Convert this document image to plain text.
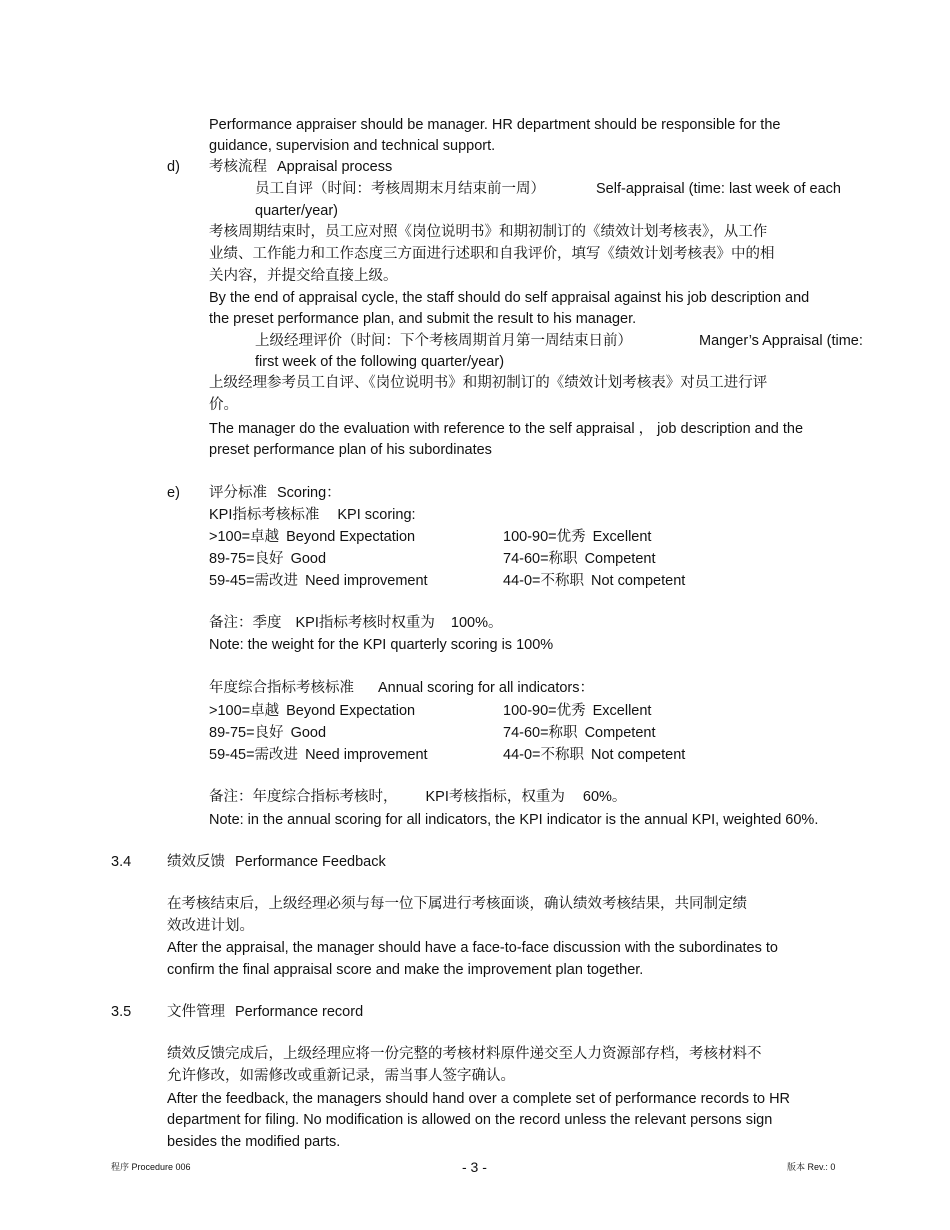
Performance appraiser should be manager. HR department should be responsible for the
guidance, supervision and technical support.
d) 考核流程 Appraisal process
员工自评（时间：考核周期末月结束前一周）	Self-appraisal (time: last week of each
quarter/year)
考核周期结束时，员工应对照《岗位说明书》和期初制订的《绩效计划考核表》，从工作
业绩、工作能力和工作态度三方面进行述职和自我评价，填写《绩效计划考核表》中的相
关内容，并提交给直接上级。
By the end of appraisal cycle, the staff should do self appraisal against his job description and
the preset performance plan, and submit the result to his manager.
上级经理评价（时间：下个考核周期首月第一周结束日前）	Manger’s Appraisal (time:
first week of the following quarter/year)
上级经理参考员工自评、《岗位说明书》和期初制订的《绩效计划考核表》对员工进行评
价。
The manager do the evaluation with reference to the self appraisal ， job description and the
preset performance plan of his subordinates
e) 评分标准 Scoring：
KPI指标考核标准 KPI scoring:
>100=卓越 Beyond Expectation	100-90=优秀 Excellent
89-75=良好 Good	74-60=称职 Competent
59-45=需改进 Need improvement	44-0=不称职 Not competent
备注：季度 KPI指标考核时权重为 100%。
Note: the weight for the KPI quarterly scoring is 100%
年度综合指标考核标准 Annual scoring for all indicators：
>100=卓越 Beyond Expectation	100-90=优秀 Excellent
89-75=良好 Good	74-60=称职 Competent
59-45=需改进 Need improvement	44-0=不称职 Not competent
备注：年度综合指标考核时， KPI考核指标，权重为 60%。
Note: in the annual scoring for all indicators, the KPI indicator is the annual KPI, weighted 60%.
3.4 绩效反馈 Performance Feedback
在考核结束后，上级经理必须与每一位下属进行考核面谈，确认绩效考核结果，共同制定绩
效改进计划。
After the appraisal, the manager should have a face-to-face discussion with the subordinates to
confirm the final appraisal score and make the improvement plan together.
3.5 文件管理 Performance record
绩效反馈完成后，上级经理应将一份完整的考核材料原件递交至人力资源部存档，考核材料不
允许修改，如需修改或重新记录，需当事人签字确认。
After the feedback, the managers should hand over a complete set of performance records to HR
department for filing. No modification is allowed on the record unless the relevant persons sign
besides the modified parts.
程序 Procedure 006	- 3 -	版本 Rev.: 0
